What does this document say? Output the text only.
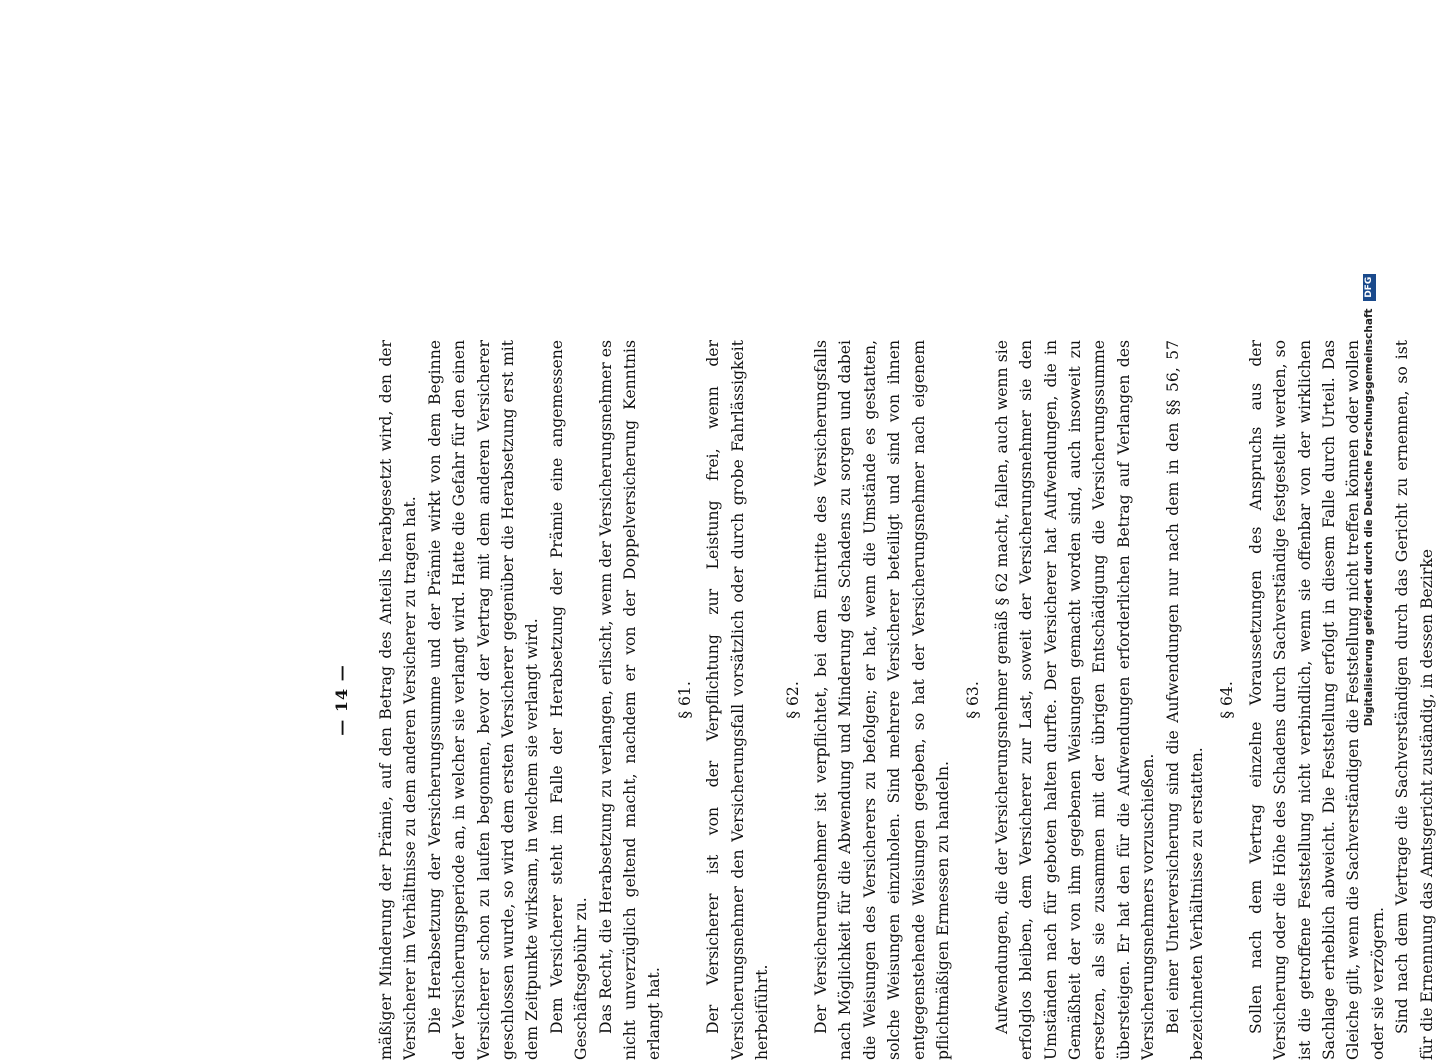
— 14 — mäßiger Minderung der Prämie, auf den Betrag des Anteils herabgesetzt wird, den der Versicherer im Verhältnisse zu dem anderen Versicherer zu tragen hat. Die Herabsetzung der Versicherungssumme und der Prämie wirkt von dem Beginne der Versicherungsperiode an, in welcher sie verlangt wird. Hatte die Gefahr für den einen Versicherer schon zu laufen begonnen, bevor der Vertrag mit dem anderen Versicherer geschlossen wurde, so wird dem ersten Versicherer gegenüber die Herabsetzung erst mit dem Zeitpunkte wirksam, in welchem sie verlangt wird. Dem Versicherer steht im Falle der Herabsetzung der Prämie eine angemessene Geschäftsgebühr zu. Das Recht, die Herabsetzung zu verlangen, erlischt, wenn der Versicherungsnehmer es nicht unverzüglich geltend macht, nachdem er von der Doppelversicherung Kenntnis erlangt hat.

§ 61. Der Versicherer ist von der Verpflichtung zur Leistung frei, wenn der Versicherungsnehmer den Versicherungsfall vorsätzlich oder durch grobe Fahrlässigkeit herbeiführt.

§ 62. Der Versicherungsnehmer ist verpflichtet, bei dem Eintritte des Versicherungsfalls nach Möglichkeit für die Abwendung und Minderung des Schadens zu sorgen und dabei die Weisungen des Versicherers zu befolgen; er hat, wenn die Umstände es gestatten, solche Weisungen einzuholen. Sind mehrere Versicherer beteiligt und sind von ihnen entgegenstehende Weisungen gegeben, so hat der Versicherungsnehmer nach eigenem pflichtmäßigen Ermessen zu handeln.

§ 63. Aufwendungen, die der Versicherungsnehmer gemäß § 62 macht, fallen, auch wenn sie erfolglos bleiben, dem Versicherer zur Last, soweit der Versicherungsnehmer sie den Umständen nach für geboten halten durfte. Der Versicherer hat Aufwendungen, die in Gemäßheit der von ihm gegebenen Weisungen gemacht worden sind, auch insoweit zu ersetzen, als sie zusammen mit der übrigen Entschädigung die Versicherungssumme übersteigen. Er hat den für die Aufwendungen erforderlichen Betrag auf Verlangen des Versicherungsnehmers vorzuschießen. Bei einer Unterversicherung sind die Aufwendungen nur nach dem in den §§ 56, 57 bezeichneten Verhältnisse zu erstatten.

§ 64. Sollen nach dem Vertrag einzelne Voraussetzungen des Anspruchs aus der Versicherung oder die Höhe des Schadens durch Sachverständige festgestellt werden, so ist die getroffene Feststellung nicht verbindlich, wenn sie offenbar von der wirklichen Sachlage erheblich abweicht. Die Feststellung erfolgt in diesem Falle durch Urteil. Das Gleiche gilt, wenn die Sachverständigen die Feststellung nicht treffen können oder wollen oder sie verzögern. Sind nach dem Vertrage die Sachverständigen durch das Gericht zu ernennen, so ist für die Ernennung das Amtsgericht zuständig, in dessen Bezirke

Digitalisierung gefördert durch die Deutsche Forschungsgemeinschaft DFG
